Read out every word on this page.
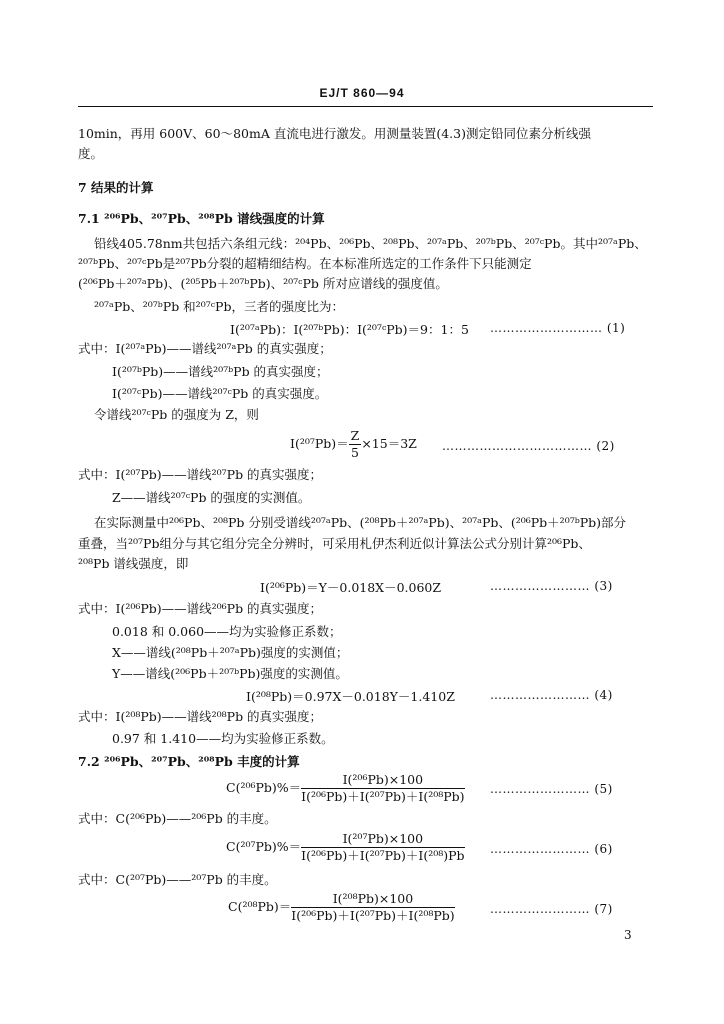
EJ/T 860—94
10min，再用 600V、60～80mA 直流电进行激发。用测量装置(4.3)测定铅同位素分析线强
度。
7 结果的计算
7.1 ²⁰⁶Pb、²⁰⁷Pb、²⁰⁸Pb 谱线强度的计算
铅线405.78nm共包括六条组元线：²⁰⁴Pb、²⁰⁶Pb、²⁰⁸Pb、²⁰⁷ᵃPb、²⁰⁷ᵇPb、²⁰⁷ᶜPb。其中²⁰⁷ᵃPb、
²⁰⁷ᵇPb、²⁰⁷ᶜPb是²⁰⁷Pb分裂的超精细结构。在本标准所选定的工作条件下只能测定
(²⁰⁶Pb＋²⁰⁷ᵃPb)、(²⁰⁵Pb＋²⁰⁷ᵇPb)、²⁰⁷ᶜPb 所对应谱线的强度值。
²⁰⁷ᵃPb、²⁰⁷ᵇPb 和²⁰⁷ᶜPb，三者的强度比为：
I(²⁰⁷ᵃPb)：I(²⁰⁷ᵇPb)：I(²⁰⁷ᶜPb)＝9：1：5 ……………………… (1)
式中：I(²⁰⁷ᵃPb)——谱线²⁰⁷ᵃPb 的真实强度；
I(²⁰⁷ᵇPb)——谱线²⁰⁷ᵇPb 的真实强度；
I(²⁰⁷ᶜPb)——谱线²⁰⁷ᶜPb 的真实强度。
令谱线²⁰⁷ᶜPb 的强度为 Z，则
$I(^{207}Pb)= \frac{Z}{5} \times 15=3Z$ ……………………………… (2)
式中：I(²⁰⁷Pb)——谱线²⁰⁷Pb 的真实强度；
Z——谱线²⁰⁷ᶜPb 的强度的实测值。
在实际测量中²⁰⁶Pb、²⁰⁸Pb 分别受谱线²⁰⁷ᵃPb、(²⁰⁸Pb＋²⁰⁷ᵃPb)、²⁰⁷ᵃPb、(²⁰⁶Pb＋²⁰⁷ᵇPb)部分
重叠，当²⁰⁷Pb组分与其它组分完全分辨时，可采用札伊杰利近似计算法公式分别计算²⁰⁶Pb、
²⁰⁸Pb 谱线强度，即
I(²⁰⁶Pb)＝Y－0.018X－0.060Z	…………………… (3)
式中：I(²⁰⁶Pb)——谱线²⁰⁶Pb 的真实强度；
0.018 和 0.060——均为实验修正系数；
X——谱线(²⁰⁸Pb＋²⁰⁷ᵃPb)强度的实测值；
Y——谱线(²⁰⁶Pb＋²⁰⁷ᵇPb)强度的实测值。
I(²⁰⁸Pb)＝0.97X－0.018Y－1.410Z	…………………… (4)
式中：I(²⁰⁸Pb)——谱线²⁰⁸Pb 的真实强度；
0.97 和 1.410——均为实验修正系数。
7.2 ²⁰⁶Pb、²⁰⁷Pb、²⁰⁸Pb 丰度的计算
$C(^{206}Pb)\%= \frac{\text{I(²⁰⁶Pb)×100}}{\text{I(²⁰⁶Pb)＋I(²⁰⁷Pb)＋I(²⁰⁸Pb)}}$ …………………… (5)
式中：C(²⁰⁶Pb)——²⁰⁶Pb 的丰度。
$C(^{207}Pb)\%= \frac{\text{I(²⁰⁷Pb)×100}}{\text{I(²⁰⁶Pb)＋I(²⁰⁷Pb)＋I(²⁰⁸)Pb}}$ …………………… (6)
式中：C(²⁰⁷Pb)——²⁰⁷Pb 的丰度。
$C(^{208}Pb)= \frac{\text{I(²⁰⁸Pb)×100}}{\text{I(²⁰⁶Pb)＋I(²⁰⁷Pb)＋I(²⁰⁸Pb)}}$	…………………… (7)
3
